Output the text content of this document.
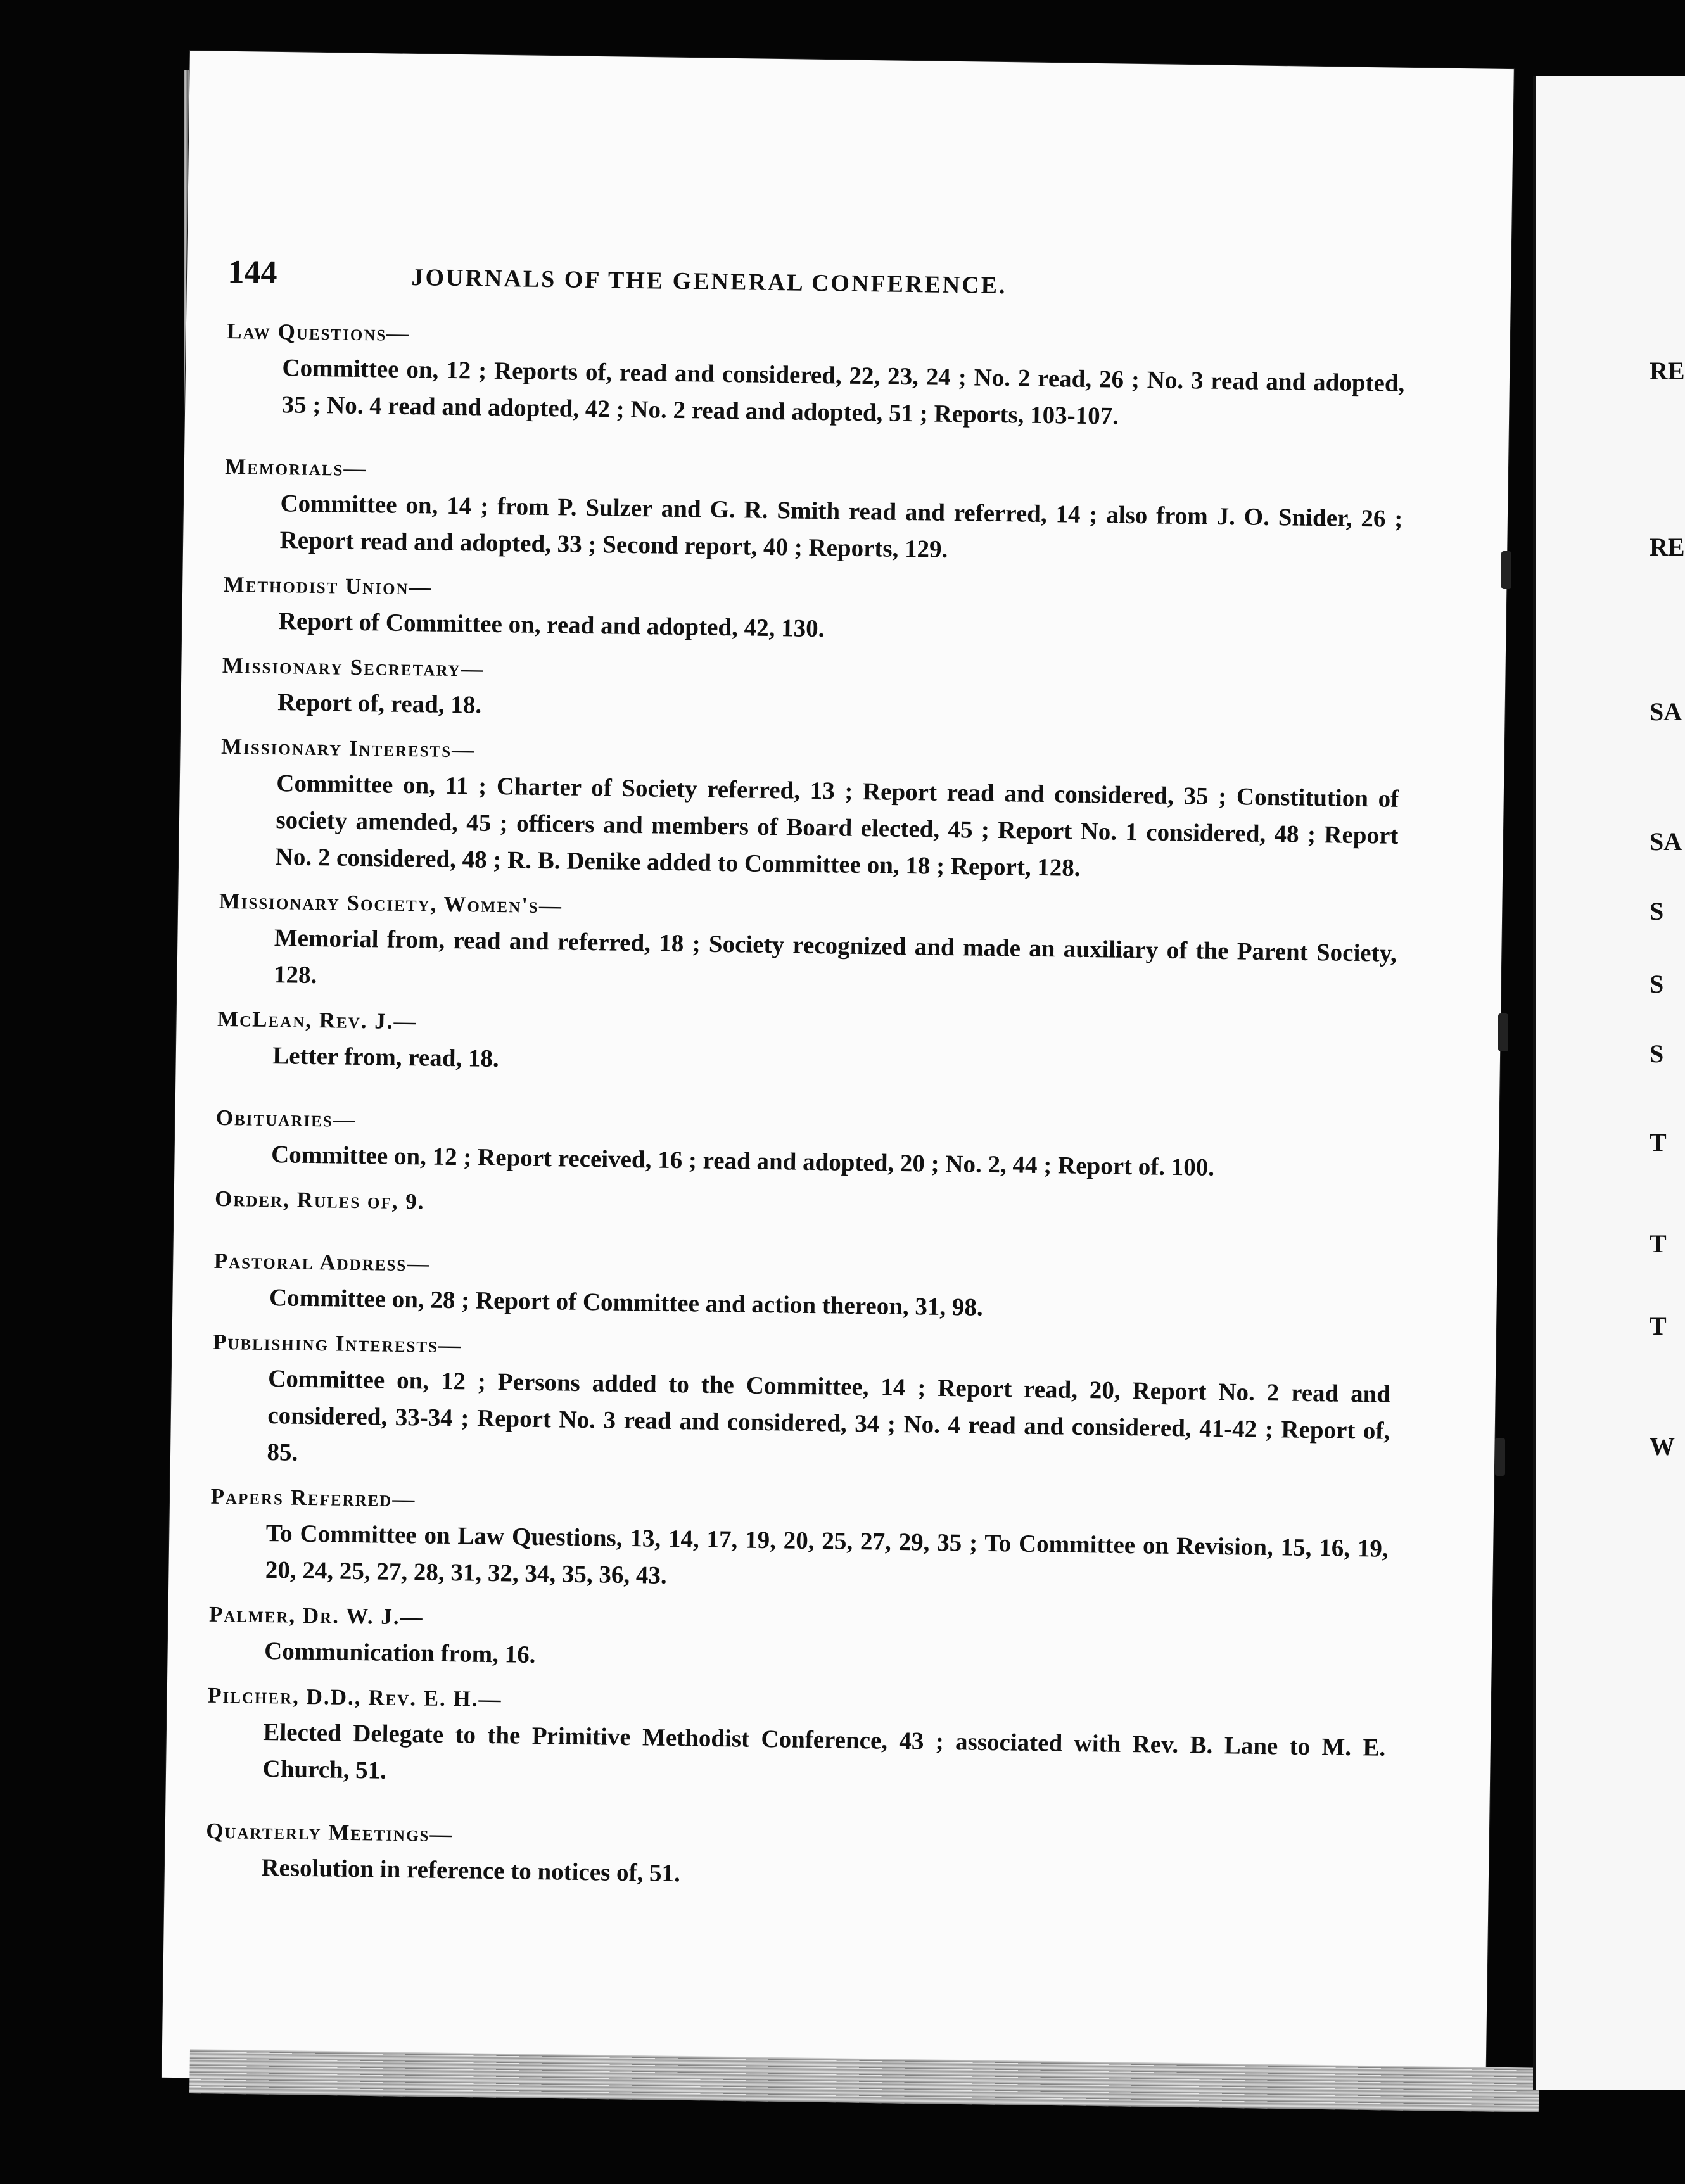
RE
RE
SA
SA
S
S
S
T
T
T
W
144	JOURNALS OF THE GENERAL CONFERENCE.
Law Questions—
Committee on, 12 ; Reports of, read and considered, 22, 23, 24 ; No. 2 read, 26 ; No. 3 read and adopted, 35 ; No. 4 read and adopted, 42 ; No. 2 read and adopted, 51 ; Reports, 103-107.
Memorials—
Committee on, 14 ; from P. Sulzer and G. R. Smith read and referred, 14 ; also from J. O. Snider, 26 ; Report read and adopted, 33 ; Second report, 40 ; Reports, 129.
Methodist Union—
Report of Committee on, read and adopted, 42, 130.
Missionary Secretary—
Report of, read, 18.
Missionary Interests—
Committee on, 11 ; Charter of Society referred, 13 ; Report read and considered, 35 ; Constitution of society amended, 45 ; officers and members of Board elected, 45 ; Report No. 1 considered, 48 ; Report No. 2 considered, 48 ; R. B. Denike added to Committee on, 18 ; Report, 128.
Missionary Society, Women's—
Memorial from, read and referred, 18 ; Society recognized and made an auxiliary of the Parent Society, 128.
McLean, Rev. J.—
Letter from, read, 18.
Obituaries—
Committee on, 12 ; Report received, 16 ; read and adopted, 20 ; No. 2, 44 ; Report of. 100.
Order, Rules of, 9.
Pastoral Address—
Committee on, 28 ; Report of Committee and action thereon, 31, 98.
Publishing Interests—
Committee on, 12 ; Persons added to the Committee, 14 ; Report read, 20, Report No. 2 read and considered, 33-34 ; Report No. 3 read and considered, 34 ; No. 4 read and considered, 41-42 ; Report of, 85.
Papers Referred—
To Committee on Law Questions, 13, 14, 17, 19, 20, 25, 27, 29, 35 ; To Committee on Revision, 15, 16, 19, 20, 24, 25, 27, 28, 31, 32, 34, 35, 36, 43.
Palmer, Dr. W. J.—
Communication from, 16.
Pilcher, D.D., Rev. E. H.—
Elected Delegate to the Primitive Methodist Conference, 43 ; associated with Rev. B. Lane to M. E. Church, 51.
Quarterly Meetings—
Resolution in reference to notices of, 51.
